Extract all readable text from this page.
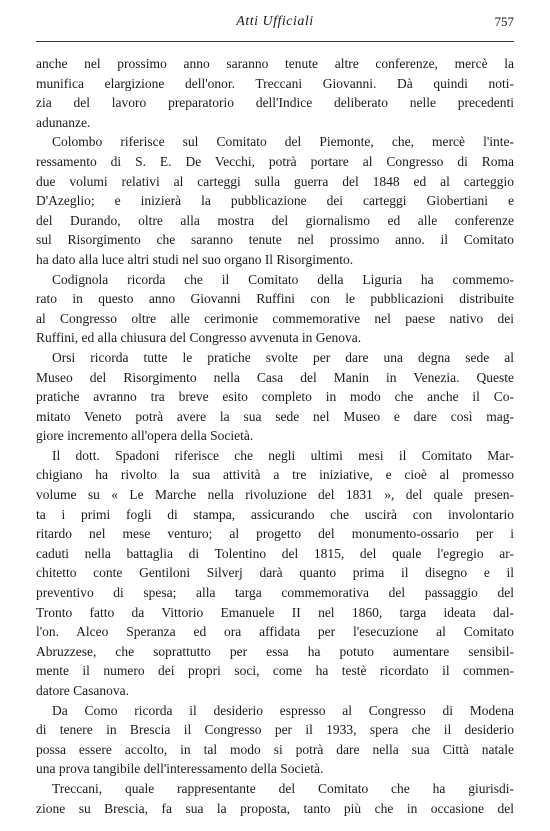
Atti Ufficiali	757
anche nel prossimo anno saranno tenute altre conferenze, mercè la
munifica elargizione dell'onor. Treccani Giovanni. Dà quindi noti-
zia del lavoro preparatorio dell'Indice deliberato nelle precedenti
adunanze.
Colombo riferisce sul Comitato del Piemonte, che, mercè l'inte-
ressamento di S. E. De Vecchi, potrà portare al Congresso di Roma
due volumi relativi al carteggi sulla guerra del 1848 ed al carteggio
D'Azeglio; e inizierà la pubblicazione dei carteggi Giobertiani e
del Durando, oltre alla mostra del giornalismo ed alle conferenze
sul Risorgimento che saranno tenute nel prossimo anno. il Comitato
ha dato alla luce altri studi nel suo organo Il Risorgimento.
Codignola ricorda che il Comitato della Liguria ha commemo-
rato in questo anno Giovanni Ruffini con le pubblicazioni distribuite
al Congresso oltre alle cerimonie commemorative nel paese nativo dei
Ruffini, ed alla chiusura del Congresso avvenuta in Genova.
Orsi ricorda tutte le pratiche svolte per dare una degna sede al
Museo del Risorgimento nella Casa del Manin in Venezia. Queste
pratiche avranno tra breve esito completo in modo che anche il Co-
mitato Veneto potrà avere la sua sede nel Museo e dare così mag-
giore incremento all'opera della Società.
Il dott. Spadoni riferisce che negli ultimi mesi il Comitato Mar-
chigiano ha rivolto la sua attività a tre iniziative, e cioè al promesso
volume su « Le Marche nella rivoluzione del 1831 », del quale presen-
ta i primi fogli di stampa, assicurando che uscirà con involontario
ritardo nel mese venturo; al progetto del monumento-ossario per i
caduti nella battaglia di Tolentino del 1815, del quale l'egregio ar-
chitetto conte Gentiloni Silverj darà quanto prima il disegno e il
preventivo di spesa; alla targa commemorativa del passaggio del
Tronto fatto da Vittorio Emanuele II nel 1860, targa ideata dal-
l'on. Alceo Speranza ed ora affidata per l'esecuzione al Comitato
Abruzzese, che soprattutto per essa ha potuto aumentare sensibil-
mente il numero dei propri soci, come ha testè ricordato il commen-
datore Casanova.
Da Como ricorda il desiderio espresso al Congresso di Modena
di tenere in Brescia il Congresso per il 1933, spera che il desiderio
possa essere accolto, in tal modo si potrà dare nella sua Città natale
una prova tangibile dell'interessamento della Società.
Treccani, quale rappresentante del Comitato che ha giurisdi-
zione su Brescia, fa sua la proposta, tanto più che in occasione del
